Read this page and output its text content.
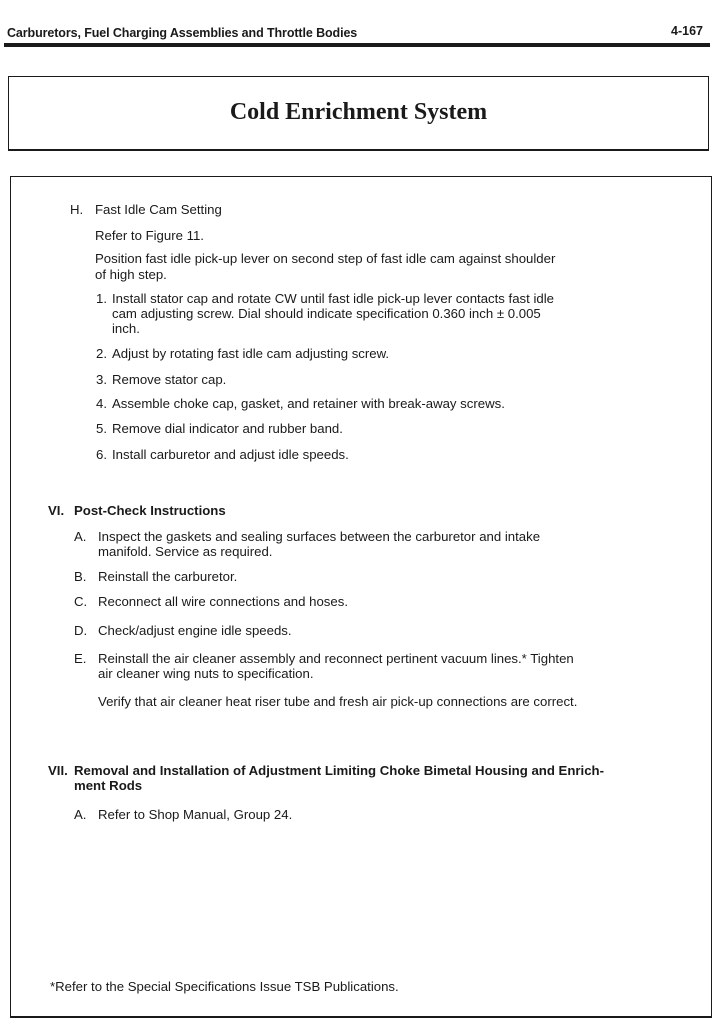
Carburetors, Fuel Charging Assemblies and Throttle Bodies	4-167
Cold Enrichment System
H. Fast Idle Cam Setting
Refer to Figure 11.
Position fast idle pick-up lever on second step of fast idle cam against shoulder
of high step.
1. Install stator cap and rotate CW until fast idle pick-up lever contacts fast idle
cam adjusting screw. Dial should indicate specification 0.360 inch ± 0.005
inch.
2. Adjust by rotating fast idle cam adjusting screw.
3. Remove stator cap.
4. Assemble choke cap, gasket, and retainer with break-away screws.
5. Remove dial indicator and rubber band.
6. Install carburetor and adjust idle speeds.
VI. Post-Check Instructions
A. Inspect the gaskets and sealing surfaces between the carburetor and intake
manifold. Service as required.
B. Reinstall the carburetor.
C. Reconnect all wire connections and hoses.
D. Check/adjust engine idle speeds.
E. Reinstall the air cleaner assembly and reconnect pertinent vacuum lines.* Tighten
air cleaner wing nuts to specification.
Verify that air cleaner heat riser tube and fresh air pick-up connections are correct.
VII. Removal and Installation of Adjustment Limiting Choke Bimetal Housing and Enrich-
ment Rods
A. Refer to Shop Manual, Group 24.
*Refer to the Special Specifications Issue TSB Publications.
